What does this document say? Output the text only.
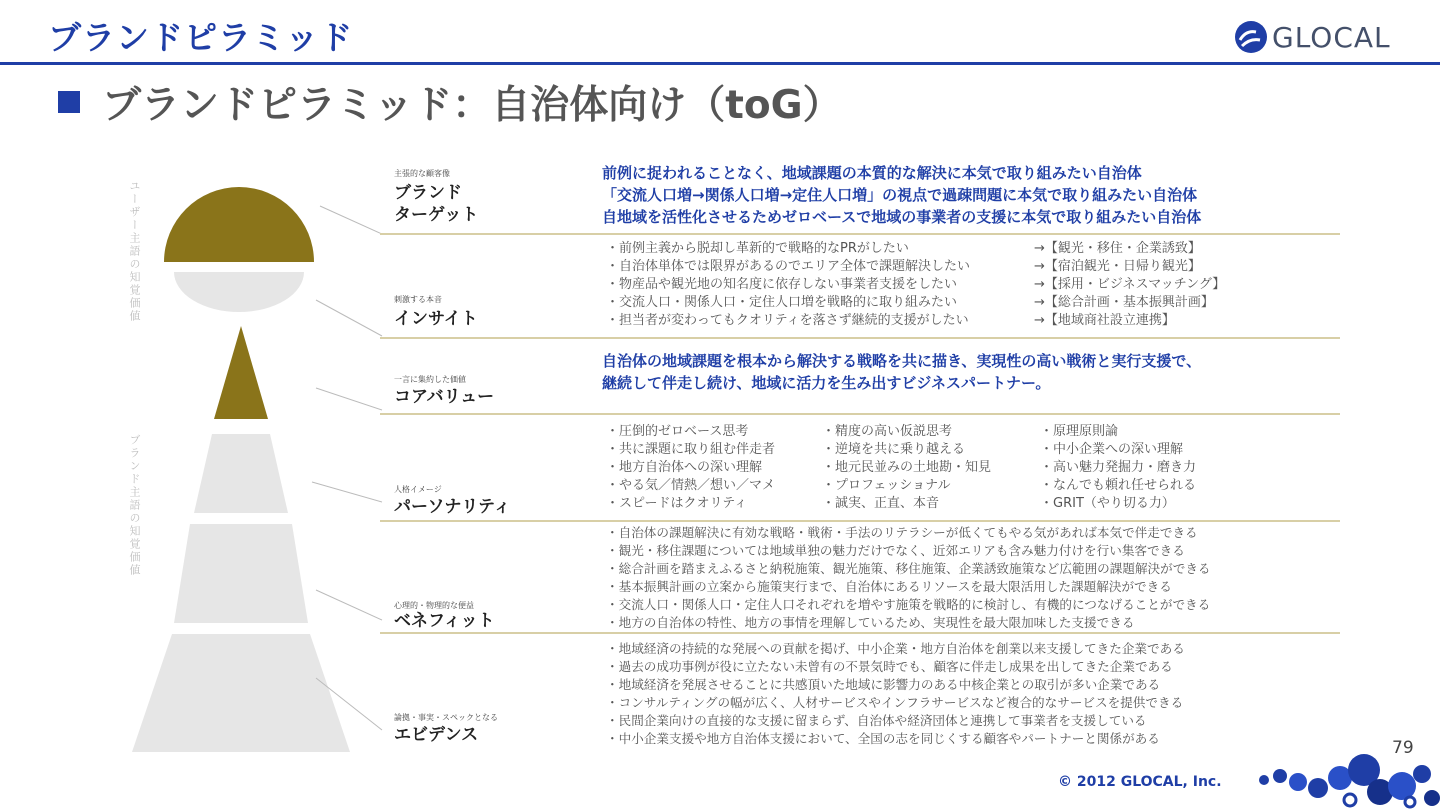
ブランドピラミッド	GLOCAL
ブランドピラミッド：自治体向け（toG）
ユーザー主語の知覚価値
ブランド主語の知覚価値
主張的な顧客像
ブランド
ターゲット
刺激する本音
インサイト
一言に集約した価値
コアバリュー
人格イメージ
パーソナリティ
心理的・物理的な便益
ベネフィット
論拠・事実・スペックとなる
エビデンス
前例に捉われることなく、地域課題の本質的な解決に本気で取り組みたい自治体
「交流人口増→関係人口増→定住人口増」の視点で過疎問題に本気で取り組みたい自治体
自地域を活性化させるためゼロベースで地域の事業者の支援に本気で取り組みたい自治体
・前例主義から脱却し革新的で戦略的なPRがしたい
・自治体単体では限界があるのでエリア全体で課題解決したい
・物産品や観光地の知名度に依存しない事業者支援をしたい
・交流人口・関係人口・定住人口増を戦略的に取り組みたい
・担当者が変わってもクオリティを落さず継続的支援がしたい
→【観光・移住・企業誘致】
→【宿泊観光・日帰り観光】
→【採用・ビジネスマッチング】
→【総合計画・基本振興計画】
→【地域商社設立連携】
自治体の地域課題を根本から解決する戦略を共に描き、実現性の高い戦術と実行支援で、
継続して伴走し続け、地域に活力を生み出すビジネスパートナー。
・圧倒的ゼロベース思考
・共に課題に取り組む伴走者
・地方自治体への深い理解
・やる気／情熱／想い／マメ
・スピードはクオリティ
・精度の高い仮説思考
・逆境を共に乗り越える
・地元民並みの土地勘・知見
・プロフェッショナル
・誠実、正直、本音
・原理原則論
・中小企業への深い理解
・高い魅力発掘力・磨き力
・なんでも頼れ任せられる
・GRIT（やり切る力）
・自治体の課題解決に有効な戦略・戦術・手法のリテラシーが低くてもやる気があれば本気で伴走できる
・観光・移住課題については地域単独の魅力だけでなく、近郊エリアも含み魅力付けを行い集客できる
・総合計画を踏まえふるさと納税施策、観光施策、移住施策、企業誘致施策など広範囲の課題解決ができる
・基本振興計画の立案から施策実行まで、自治体にあるリソースを最大限活用した課題解決ができる
・交流人口・関係人口・定住人口それぞれを増やす施策を戦略的に検討し、有機的につなげることができる
・地方の自治体の特性、地方の事情を理解しているため、実現性を最大限加味した支援できる
・地域経済の持続的な発展への貢献を掲げ、中小企業・地方自治体を創業以来支援してきた企業である
・過去の成功事例が役に立たない未曾有の不景気時でも、顧客に伴走し成果を出してきた企業である
・地域経済を発展させることに共感頂いた地域に影響力のある中核企業との取引が多い企業である
・コンサルティングの幅が広く、人材サービスやインフラサービスなど複合的なサービスを提供できる
・民間企業向けの直接的な支援に留まらず、自治体や経済団体と連携して事業者を支援している
・中小企業支援や地方自治体支援において、全国の志を同じくする顧客やパートナーと関係がある	79
© 2012 GLOCAL, Inc.
